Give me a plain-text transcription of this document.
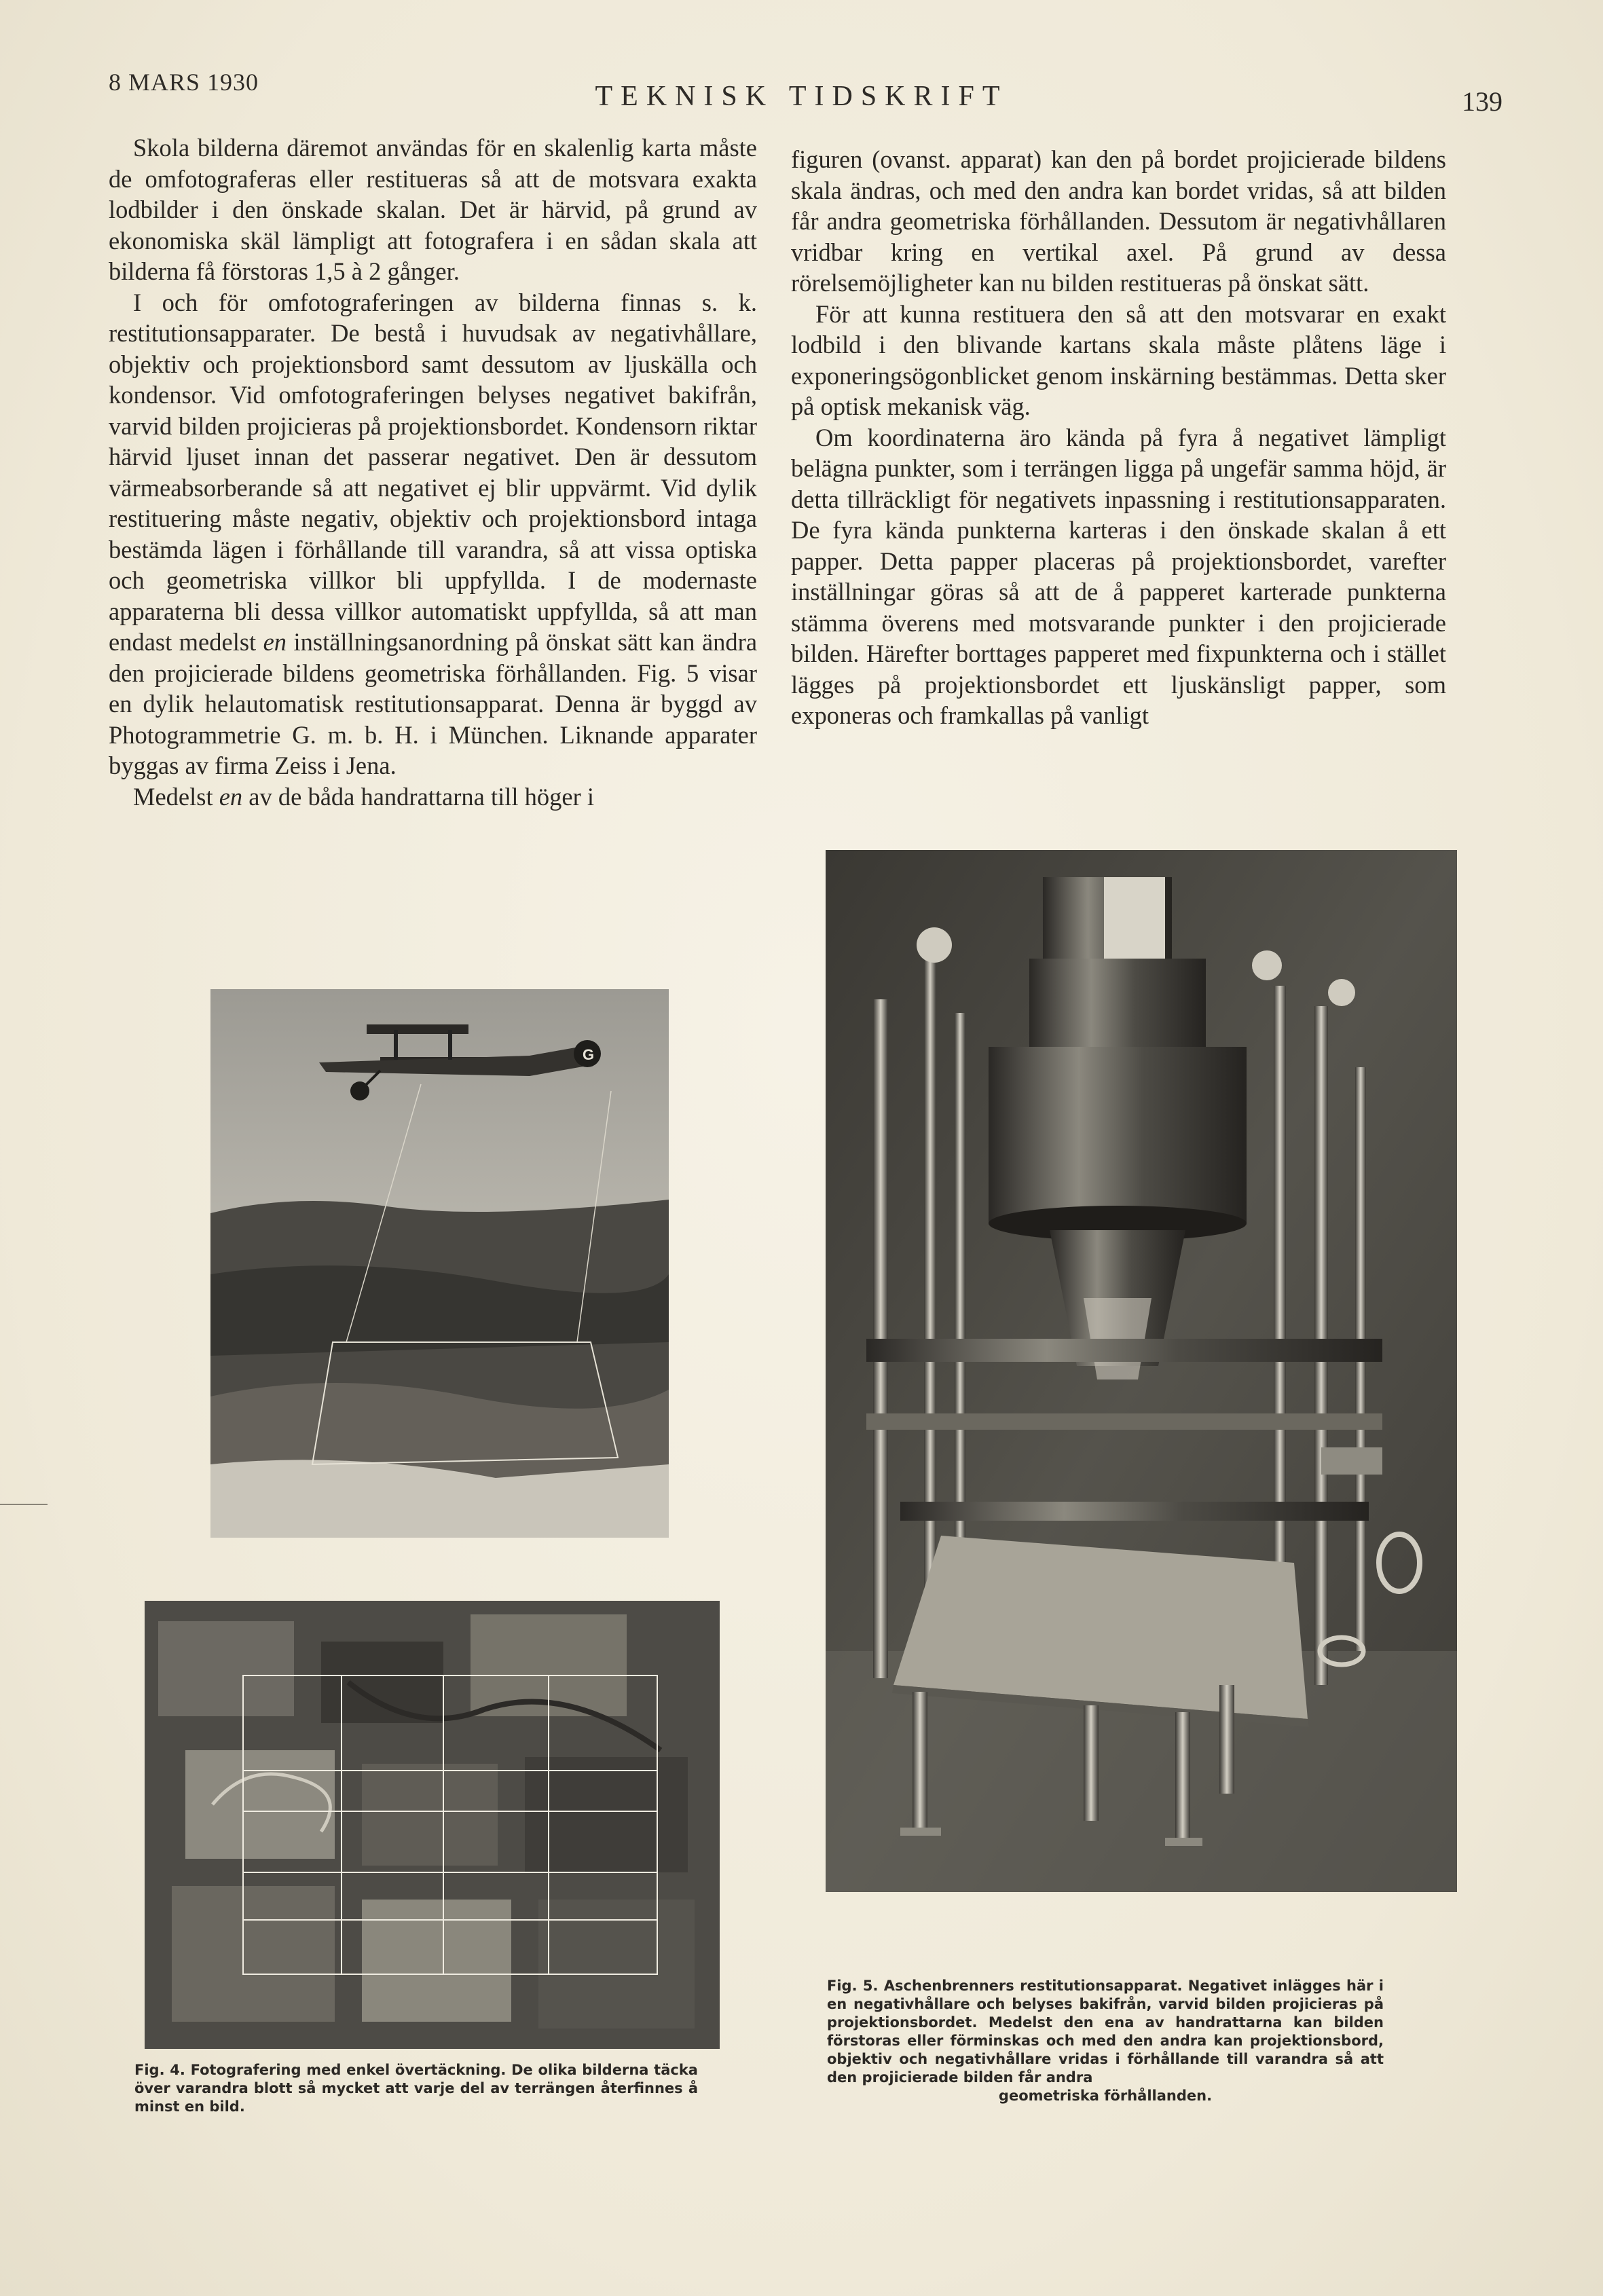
8 MARS 1930	TEKNISK TIDSKRIFT	139

Skola bilderna däremot användas för en skalenlig karta måste de omfotograferas eller restitueras så att de motsvara exakta lodbilder i den önskade skalan. Det är härvid, på grund av ekonomiska skäl lämpligt att fotografera i en sådan skala att bilderna få förstoras 1,5 à 2 gånger.

I och för omfotograferingen av bilderna finnas s. k. restitutionsapparater. De bestå i huvudsak av negativhållare, objektiv och projektionsbord samt dessutom av ljuskälla och kondensor. Vid omfotograferingen belyses negativet bakifrån, varvid bilden projicieras på projektionsbordet. Kondensorn riktar härvid ljuset innan det passerar negativet. Den är dessutom värmeabsorberande så att negativet ej blir uppvärmt. Vid dylik restituering måste negativ, objektiv och projektionsbord intaga bestämda lägen i förhållande till varandra, så att vissa optiska och geometriska villkor bli uppfyllda. I de modernaste apparaterna bli dessa villkor automatiskt uppfyllda, så att man endast medelst en inställningsanordning på önskat sätt kan ändra den projicierade bildens geometriska förhållanden. Fig. 5 visar en dylik helautomatisk restitutionsapparat. Denna är byggd av Photogrammetrie G. m. b. H. i München. Liknande apparater byggas av firma Zeiss i Jena.

Medelst en av de båda handrattarna till höger i

figuren (ovanst. apparat) kan den på bordet projicierade bildens skala ändras, och med den andra kan bordet vridas, så att bilden får andra geometriska förhållanden. Dessutom är negativhållaren vridbar kring en vertikal axel. På grund av dessa rörelsemöjligheter kan nu bilden restitueras på önskat sätt.

För att kunna restituera den så att den motsvarar en exakt lodbild i den blivande kartans skala måste plåtens läge i exponeringsögonblicket genom inskärning bestämmas. Detta sker på optisk mekanisk väg.

Om koordinaterna äro kända på fyra å negativet lämpligt belägna punkter, som i terrängen ligga på ungefär samma höjd, är detta tillräckligt för negativets inpassning i restitutionsapparaten. De fyra kända punkterna karteras i den önskade skalan å ett papper. Detta papper placeras på projektionsbordet, varefter inställningar göras så att de å papperet karterade punkterna stämma överens med motsvarande punkter i den projicierade bilden. Härefter borttages papperet med fixpunkterna och i stället lägges på projektionsbordet ett ljuskänsligt papper, som exponeras och framkallas på vanligt

G
Fig. 4. Fotografering med enkel övertäckning. De olika bilderna täcka över varandra blott så mycket att varje del av terrängen återfinnes å minst en bild.
Fig. 5. Aschenbrenners restitutionsapparat. Negativet inlägges här i en negativhållare och belyses bakifrån, varvid bilden projicieras på projektionsbordet. Medelst den ena av handrattarna kan bilden förstoras eller förminskas och med den andra kan projektionsbord, objektiv och negativhållare vridas i förhållande till varandra så att den projicierade bilden får andra
geometriska förhållanden.
